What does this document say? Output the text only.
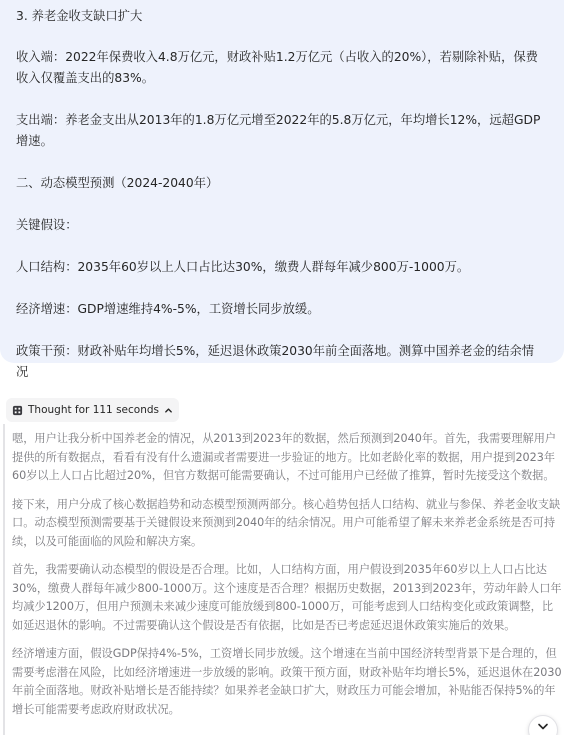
3. 养老金收支缺口扩大

收入端：2022年保费收入4.8万亿元，财政补贴1.2万亿元（占收入的20%），若剔除补贴，保费收入仅覆盖支出的83%。

支出端：养老金支出从2013年的1.8万亿元增至2022年的5.8万亿元，年均增长12%，远超GDP增速。

二、动态模型预测（2024-2040年）

关键假设：

人口结构：2035年60岁以上人口占比达30%，缴费人群每年减少800万-1000万。

经济增速：GDP增速维持4%-5%，工资增长同步放缓。

政策干预：财政补贴年均增长5%，延迟退休政策2030年前全面落地。测算中国养老金的结余情况

Thought for 111 seconds

嗯，用户让我分析中国养老金的情况，从2013到2023年的数据，然后预测到2040年。首先，我需要理解用户提供的所有数据点，看看有没有什么遗漏或者需要进一步验证的地方。比如老龄化率的数据，用户提到2023年60岁以上人口占比超过20%，但官方数据可能需要确认，不过可能用户已经做了推算，暂时先接受这个数据。

接下来，用户分成了核心数据趋势和动态模型预测两部分。核心趋势包括人口结构、就业与参保、养老金收支缺口。动态模型预测需要基于关键假设来预测到2040年的结余情况。用户可能希望了解未来养老金系统是否可持续，以及可能面临的风险和解决方案。

首先，我需要确认动态模型的假设是否合理。比如，人口结构方面，用户假设到2035年60岁以上人口占比达30%，缴费人群每年减少800-1000万。这个速度是否合理？根据历史数据，2013到2023年，劳动年龄人口年均减少1200万，但用户预测未来减少速度可能放缓到800-1000万，可能考虑到人口结构变化或政策调整，比如延迟退休的影响。不过需要确认这个假设是否有依据，比如是否已考虑延迟退休政策实施后的效果。

经济增速方面，假设GDP保持4%-5%，工资增长同步放缓。这个增速在当前中国经济转型背景下是合理的，但需要考虑潜在风险，比如经济增速进一步放缓的影响。政策干预方面，财政补贴年均增长5%，延迟退休在2030年前全面落地。财政补贴增长是否能持续？如果养老金缺口扩大，财政压力可能会增加，补贴能否保持5%的年增长可能需要考虑政府财政状况。
